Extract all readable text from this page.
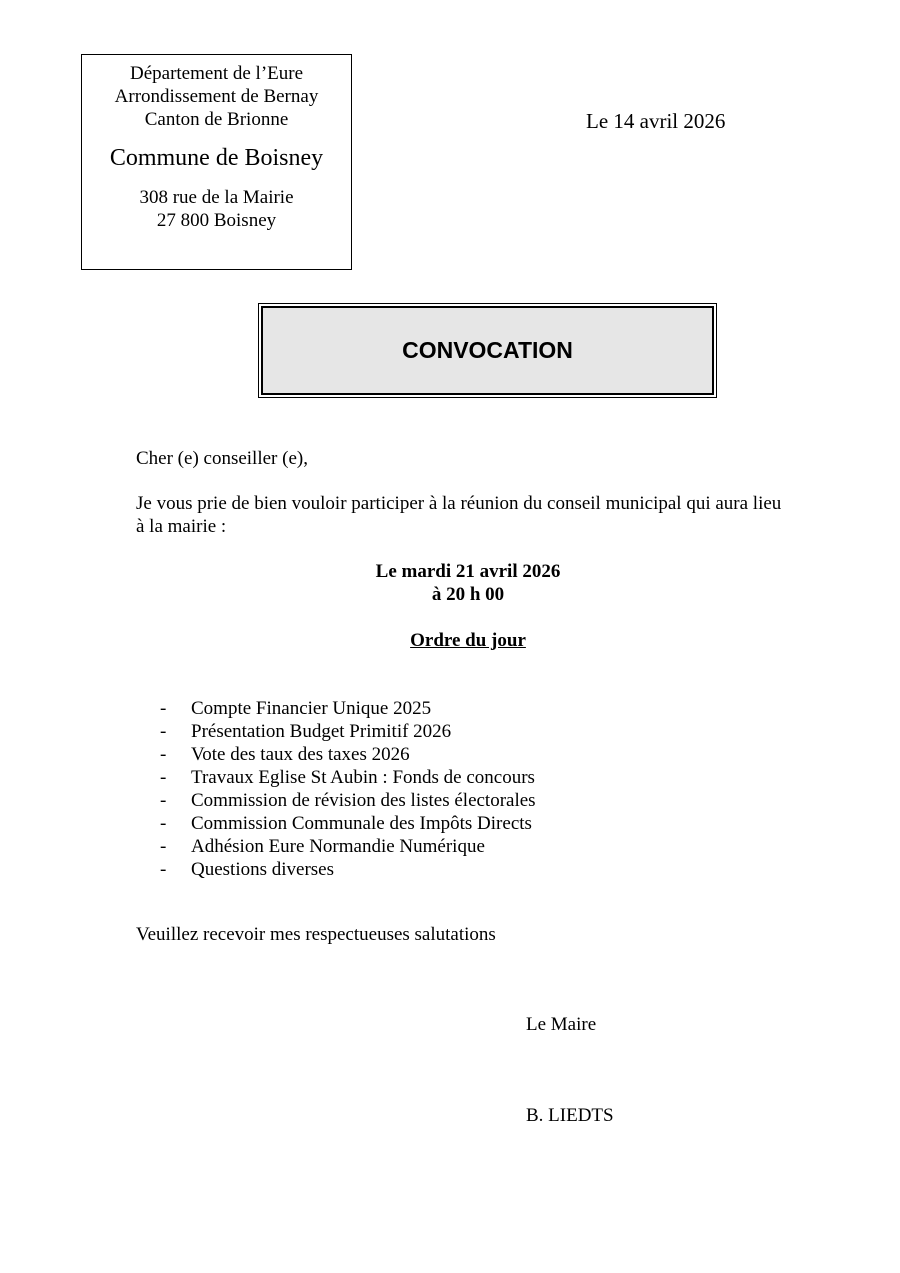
Département de l’Eure
Arrondissement de Bernay
Canton de Brionne
Commune de Boisney
308 rue de la Mairie
27 800 Boisney
Le 14 avril 2026
CONVOCATION
Cher (e) conseiller (e),
Je vous prie de bien vouloir participer à la réunion du conseil municipal qui aura lieu à la mairie :
Le mardi 21 avril 2026
à 20 h 00
Ordre du jour
-	Compte Financier Unique 2025
-	Présentation Budget Primitif 2026
-	Vote des taux des taxes 2026
-	Travaux Eglise St Aubin : Fonds de concours
-	Commission de révision des listes électorales
-	Commission Communale des Impôts Directs
-	Adhésion Eure Normandie Numérique
-	Questions diverses
Veuillez recevoir mes respectueuses salutations
Le Maire
B. LIEDTS
